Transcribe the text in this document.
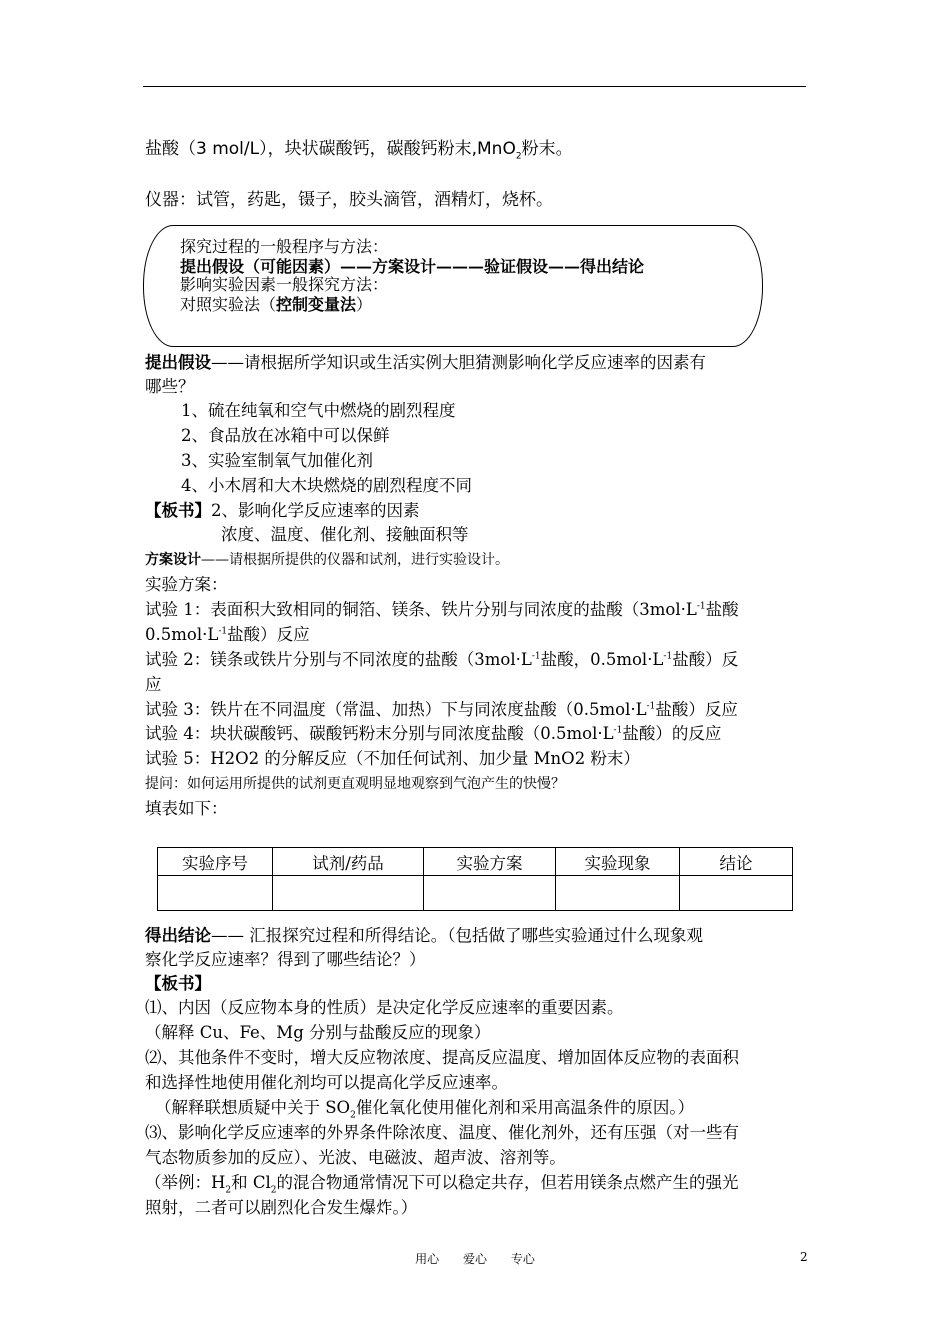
盐酸（3 mol/L），块状碳酸钙，碳酸钙粉末,MnO$_2$粉末。
仪器：试管，药匙，镊子，胶头滴管，酒精灯，烧杯。
探究过程的一般程序与方法：
提出假设（可能因素）——方案设计———验证假设——得出结论
影响实验因素一般探究方法：
对照实验法（控制变量法）
提出假设——请根据所学知识或生活实例大胆猜测影响化学反应速率的因素有
哪些？
1、硫在纯氧和空气中燃烧的剧烈程度
2、食品放在冰箱中可以保鲜
3、实验室制氧气加催化剂
4、小木屑和大木块燃烧的剧烈程度不同
【板书】2、影响化学反应速率的因素
浓度、温度、催化剂、接触面积等
方案设计——请根据所提供的仪器和试剂，进行实验设计。
实验方案：
试验 1：表面积大致相同的铜箔、镁条、铁片分别与同浓度的盐酸（$3mol\cdot L^{-1}$盐酸
$0.5mol\cdot L^{-1}$盐酸）反应
试验 2：镁条或铁片分别与不同浓度的盐酸（$3mol\cdot L^{-1}$盐酸，$0.5mol\cdot L^{-1}$盐酸）反
应
试验 3：铁片在不同温度（常温、加热）下与同浓度盐酸（$0.5mol\cdot L^{-1}$盐酸）反应
试验 4：块状碳酸钙、碳酸钙粉末分别与同浓度盐酸（$0.5mol\cdot L^{-1}$盐酸）的反应
试验 5：H2O2 的分解反应（不加任何试剂、加少量 MnO2 粉末）
提问：如何运用所提供的试剂更直观明显地观察到气泡产生的快慢？
填表如下：
实验序号	试剂/药品	实验方案	实验现象	结论

得出结论—— 汇报探究过程和所得结论。（包括做了哪些实验通过什么现象观
察化学反应速率？得到了哪些结论？）
【板书】
⑴、内因（反应物本身的性质）是决定化学反应速率的重要因素。
（解释 Cu、Fe、Mg 分别与盐酸反应的现象）
⑵、其他条件不变时，增大反应物浓度、提高反应温度、增加固体反应物的表面积
和选择性地使用催化剂均可以提高化学反应速率。
（解释联想质疑中关于 $SO_2$催化氧化使用催化剂和采用高温条件的原因。）
⑶、影响化学反应速率的外界条件除浓度、温度、催化剂外，还有压强（对一些有
气态物质参加的反应）、光波、电磁波、超声波、溶剂等。
（举例：$H_2$和 $Cl_2$的混合物通常情况下可以稳定共存，但若用镁条点燃产生的强光
照射，二者可以剧烈化合发生爆炸。）
用心 爱心 专心	2
